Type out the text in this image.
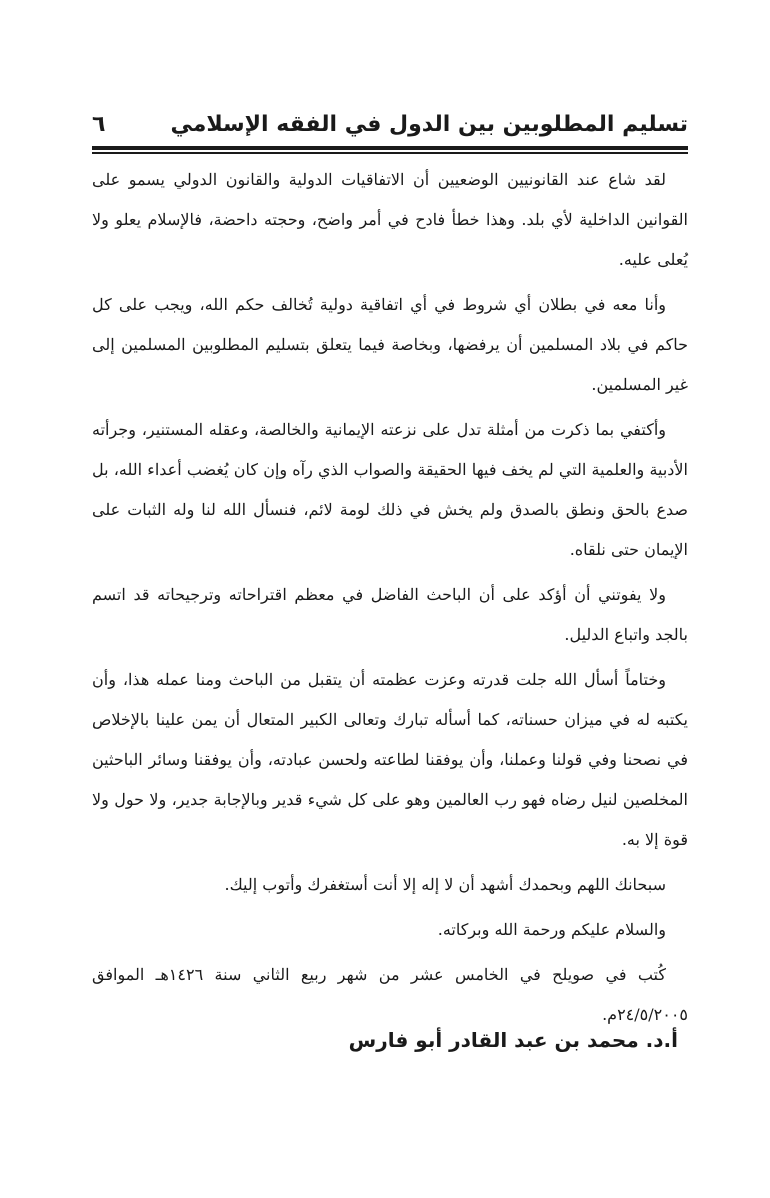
تسليم المطلوبين بين الدول في الفقه الإسلامي
٦

لقد شاع عند القانونيين الوضعيين أن الاتفاقيات الدولية والقانون الدولي يسمو على القوانين الداخلية لأي بلد. وهذا خطأ فادح في أمر واضح، وحجته داحضة، فالإسلام يعلو ولا يُعلى عليه.

وأنا معه في بطلان أي شروط في أي اتفاقية دولية تُخالف حكم الله، ويجب على كل حاكم في بلاد المسلمين أن يرفضها، وبخاصة فيما يتعلق بتسليم المطلوبين المسلمين إلى غير المسلمين.

وأكتفي بما ذكرت من أمثلة تدل على نزعته الإيمانية والخالصة، وعقله المستنير، وجرأته الأدبية والعلمية التي لم يخف فيها الحقيقة والصواب الذي رآه وإن كان يُغضب أعداء الله، بل صدع بالحق ونطق بالصدق ولم يخش في ذلك لومة لائم، فنسأل الله لنا وله الثبات على الإيمان حتى نلقاه.

ولا يفوتني أن أؤكد على أن الباحث الفاضل في معظم اقتراحاته وترجيحاته قد اتسم بالجد واتباع الدليل.

وختاماً أسأل الله جلت قدرته وعزت عظمته أن يتقبل من الباحث ومنا عمله هذا، وأن يكتبه له في ميزان حسناته، كما أسأله تبارك وتعالى الكبير المتعال أن يمن علينا بالإخلاص في نصحنا وفي قولنا وعملنا، وأن يوفقنا لطاعته ولحسن عبادته، وأن يوفقنا وسائر الباحثين المخلصين لنيل رضاه فهو رب العالمين وهو على كل شيء قدير وبالإجابة جدير، ولا حول ولا قوة إلا به.

سبحانك اللهم وبحمدك أشهد أن لا إله إلا أنت أستغفرك وأتوب إليك.

والسلام عليكم ورحمة الله وبركاته.

كُتب في صويلح في الخامس عشر من شهر ربيع الثاني سنة ١٤٢٦هـ الموافق ٢٤/٥/٢٠٠٥م.

أ.د. محمد بن عبد القادر أبو فارس
